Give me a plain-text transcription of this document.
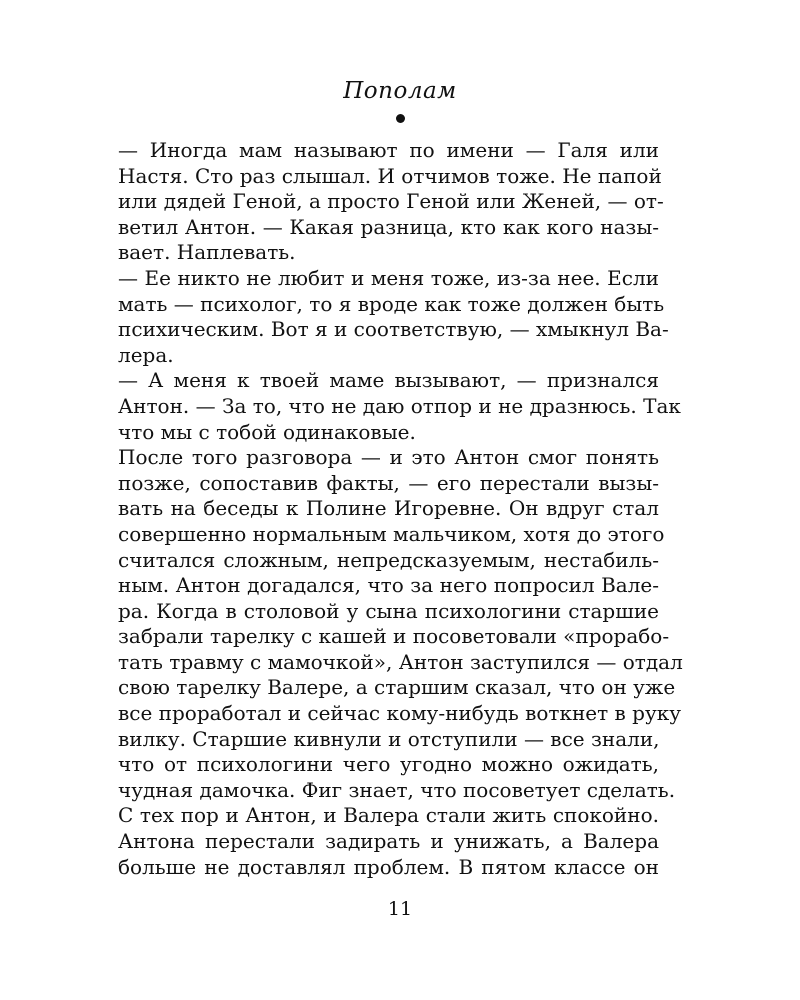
Пополам
— Иногда мам называют по имени — Галя или
Настя. Сто раз слышал. И отчимов тоже. Не папой
или дядей Геной, а просто Геной или Женей, — от-
ветил Антон. — Какая разница, кто как кого назы-
вает. Наплевать.
— Ее никто не любит и меня тоже, из-за нее. Если
мать — психолог, то я вроде как тоже должен быть
психическим. Вот я и соответствую, — хмыкнул Ва-
лера.
— А меня к твоей маме вызывают, — признался
Антон. — За то, что не даю отпор и не дразнюсь. Так
что мы с тобой одинаковые.
После того разговора — и это Антон смог понять
позже, сопоставив факты, — его перестали вызы-
вать на беседы к Полине Игоревне. Он вдруг стал
совершенно нормальным мальчиком, хотя до этого
считался сложным, непредсказуемым, нестабиль-
ным. Антон догадался, что за него попросил Вале-
ра. Когда в столовой у сына психологини старшие
забрали тарелку с кашей и посоветовали «прорабо-
тать травму с мамочкой», Антон заступился — отдал
свою тарелку Валере, а старшим сказал, что он уже
все проработал и сейчас кому-нибудь воткнет в руку
вилку. Старшие кивнули и отступили — все знали,
что от психологини чего угодно можно ожидать,
чудная дамочка. Фиг знает, что посоветует сделать.
С тех пор и Антон, и Валера стали жить спокойно.
Антона перестали задирать и унижать, а Валера
больше не доставлял проблем. В пятом классе он
11
